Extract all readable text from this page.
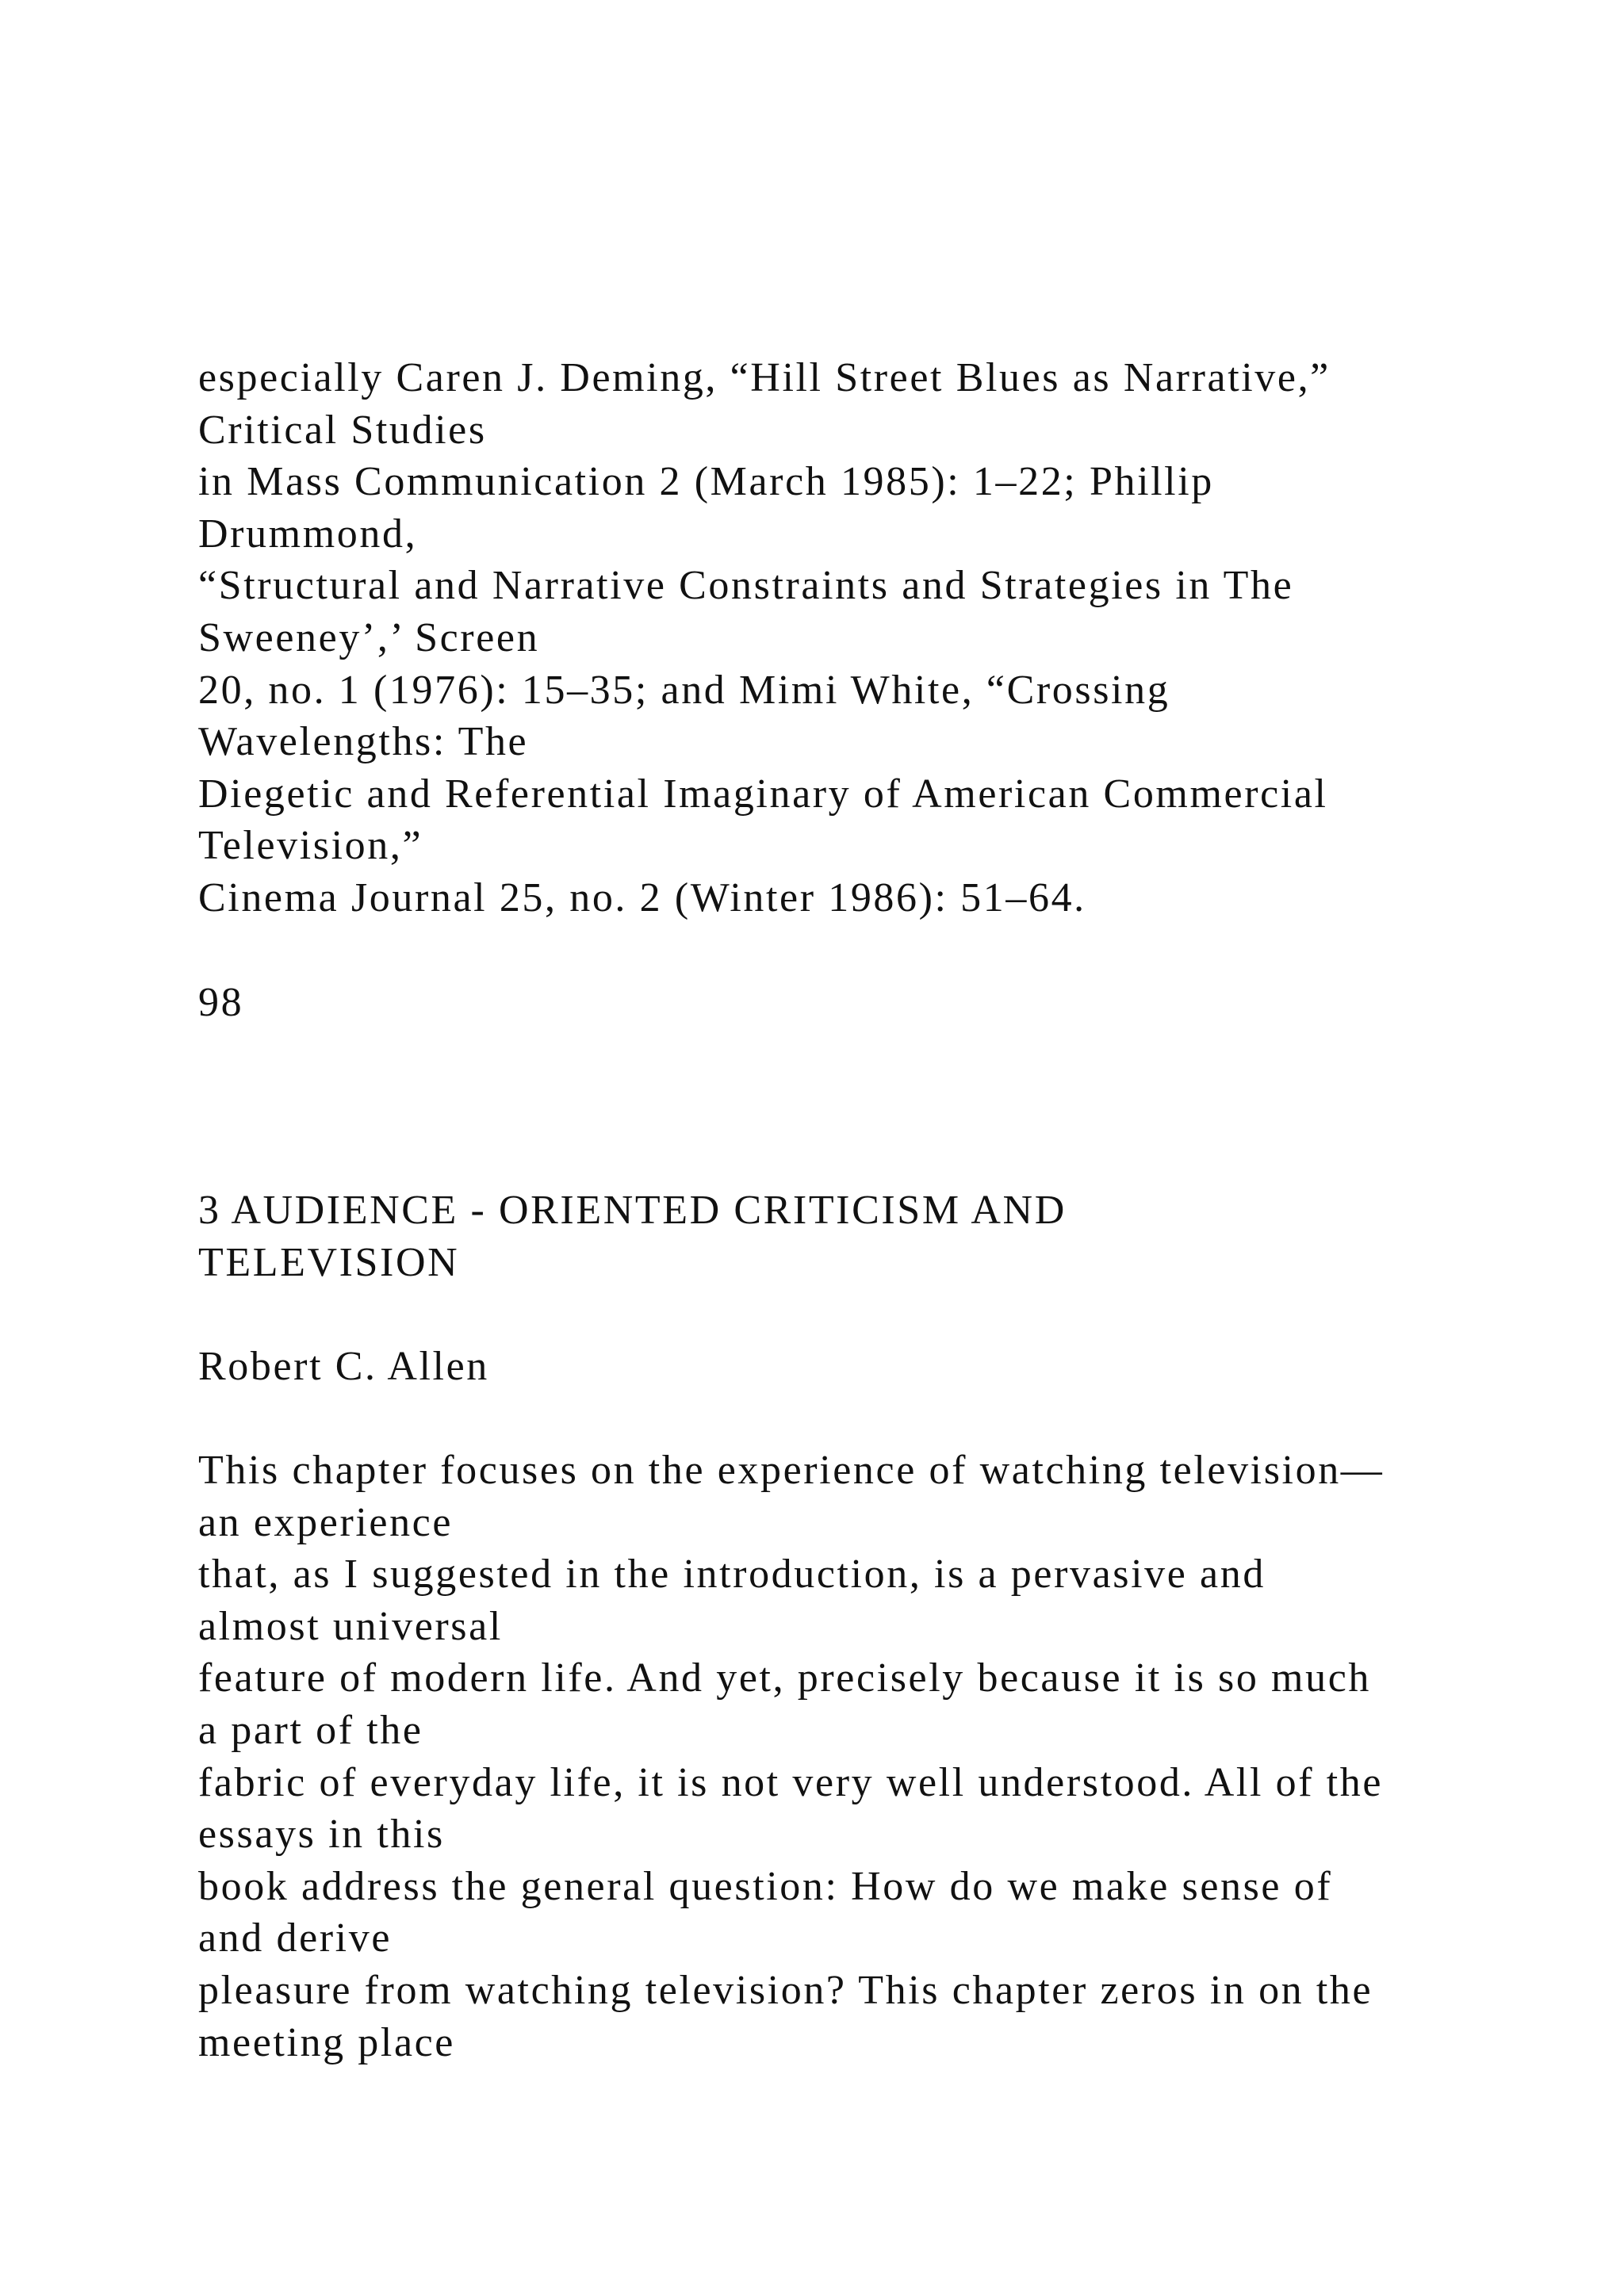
especially Caren J. Deming, “Hill Street Blues as Narrative,”
Critical Studies
in Mass Communication 2 (March 1985): 1–22; Phillip
Drummond,
“Structural and Narrative Constraints and Strategies in The
Sweeney’,’ Screen
20, no. 1 (1976): 15–35; and Mimi White, “Crossing
Wavelengths: The
Diegetic and Referential Imaginary of American Commercial
Television,”
Cinema Journal 25, no. 2 (Winter 1986): 51–64.
98
3 AUDIENCE - ORIENTED CRITICISM AND
TELEVISION
Robert C. Allen
This chapter focuses on the experience of watching television—
an experience
that, as I suggested in the introduction, is a pervasive and
almost universal
feature of modern life. And yet, precisely because it is so much
a part of the
fabric of everyday life, it is not very well understood. All of the
essays in this
book address the general question: How do we make sense of
and derive
pleasure from watching television? This chapter zeros in on the
meeting place
